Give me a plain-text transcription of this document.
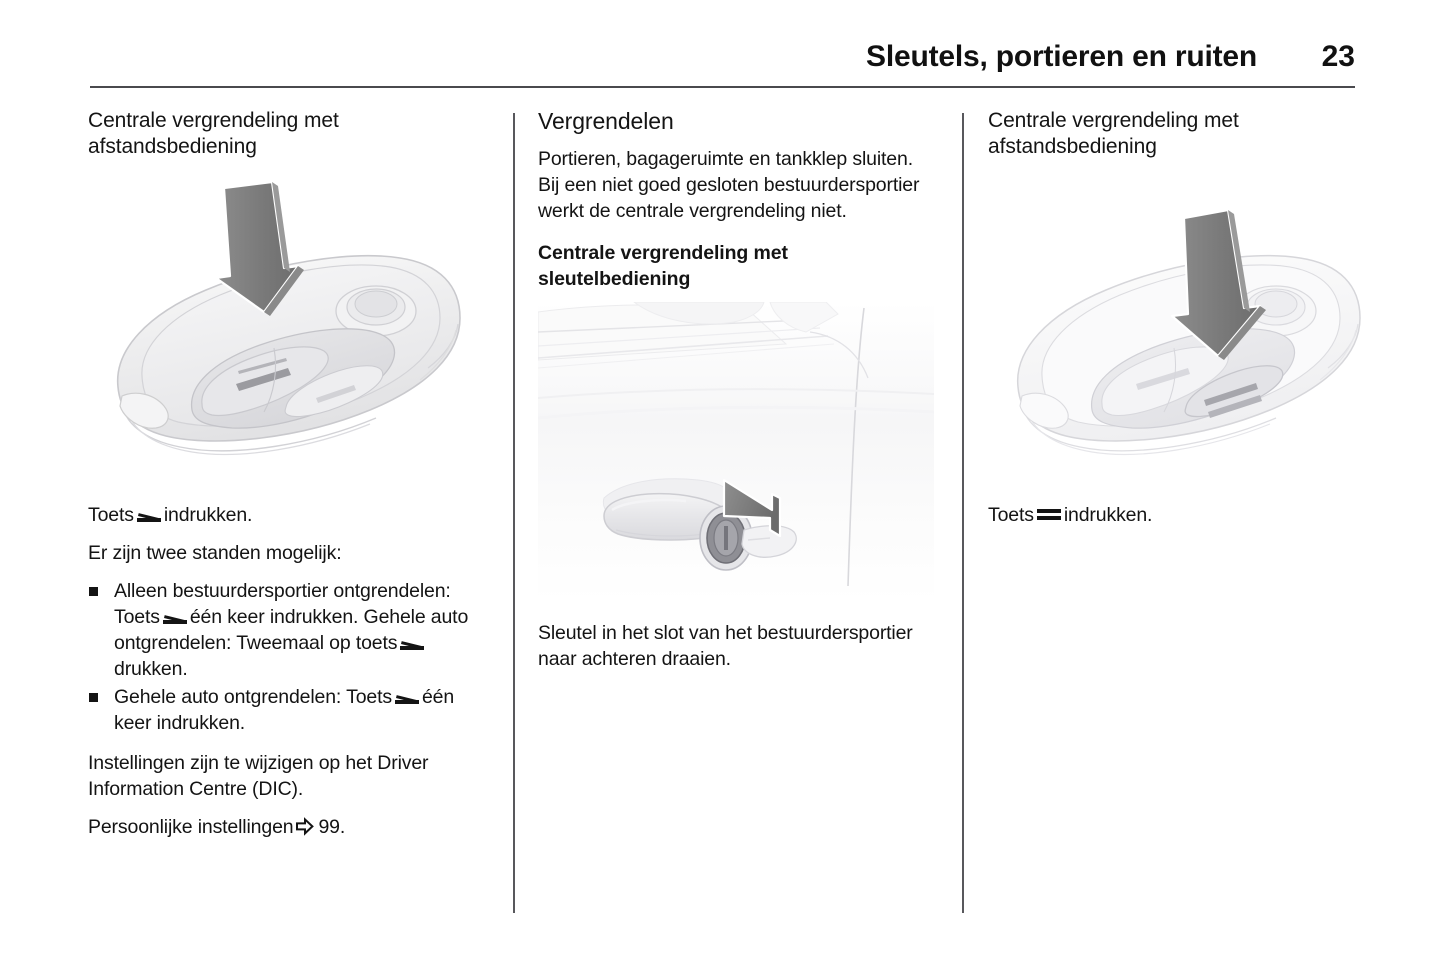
Sleutels, portieren en ruiten	23
Centrale vergrendeling met afstandsbediening

Toets indrukken.

Er zijn twee standen mogelijk:

Alleen bestuurdersportier ontgrendelen: Toets één keer indrukken. Gehele auto ontgrendelen: Tweemaal op toets
drukken.
Gehele auto ontgrendelen: Toets één keer indrukken.

Instellingen zijn te wijzigen op het Driver Information Centre (DIC).

Persoonlijke instellingen 99.

Vergrendelen

Portieren, bagageruimte en tankklep sluiten. Bij een niet goed gesloten bestuurdersportier werkt de centrale vergrendeling niet.

Centrale vergrendeling met sleutelbediening

Sleutel in het slot van het bestuurdersportier naar achteren draaien.

Centrale vergrendeling met afstandsbediening

Toets indrukken.
